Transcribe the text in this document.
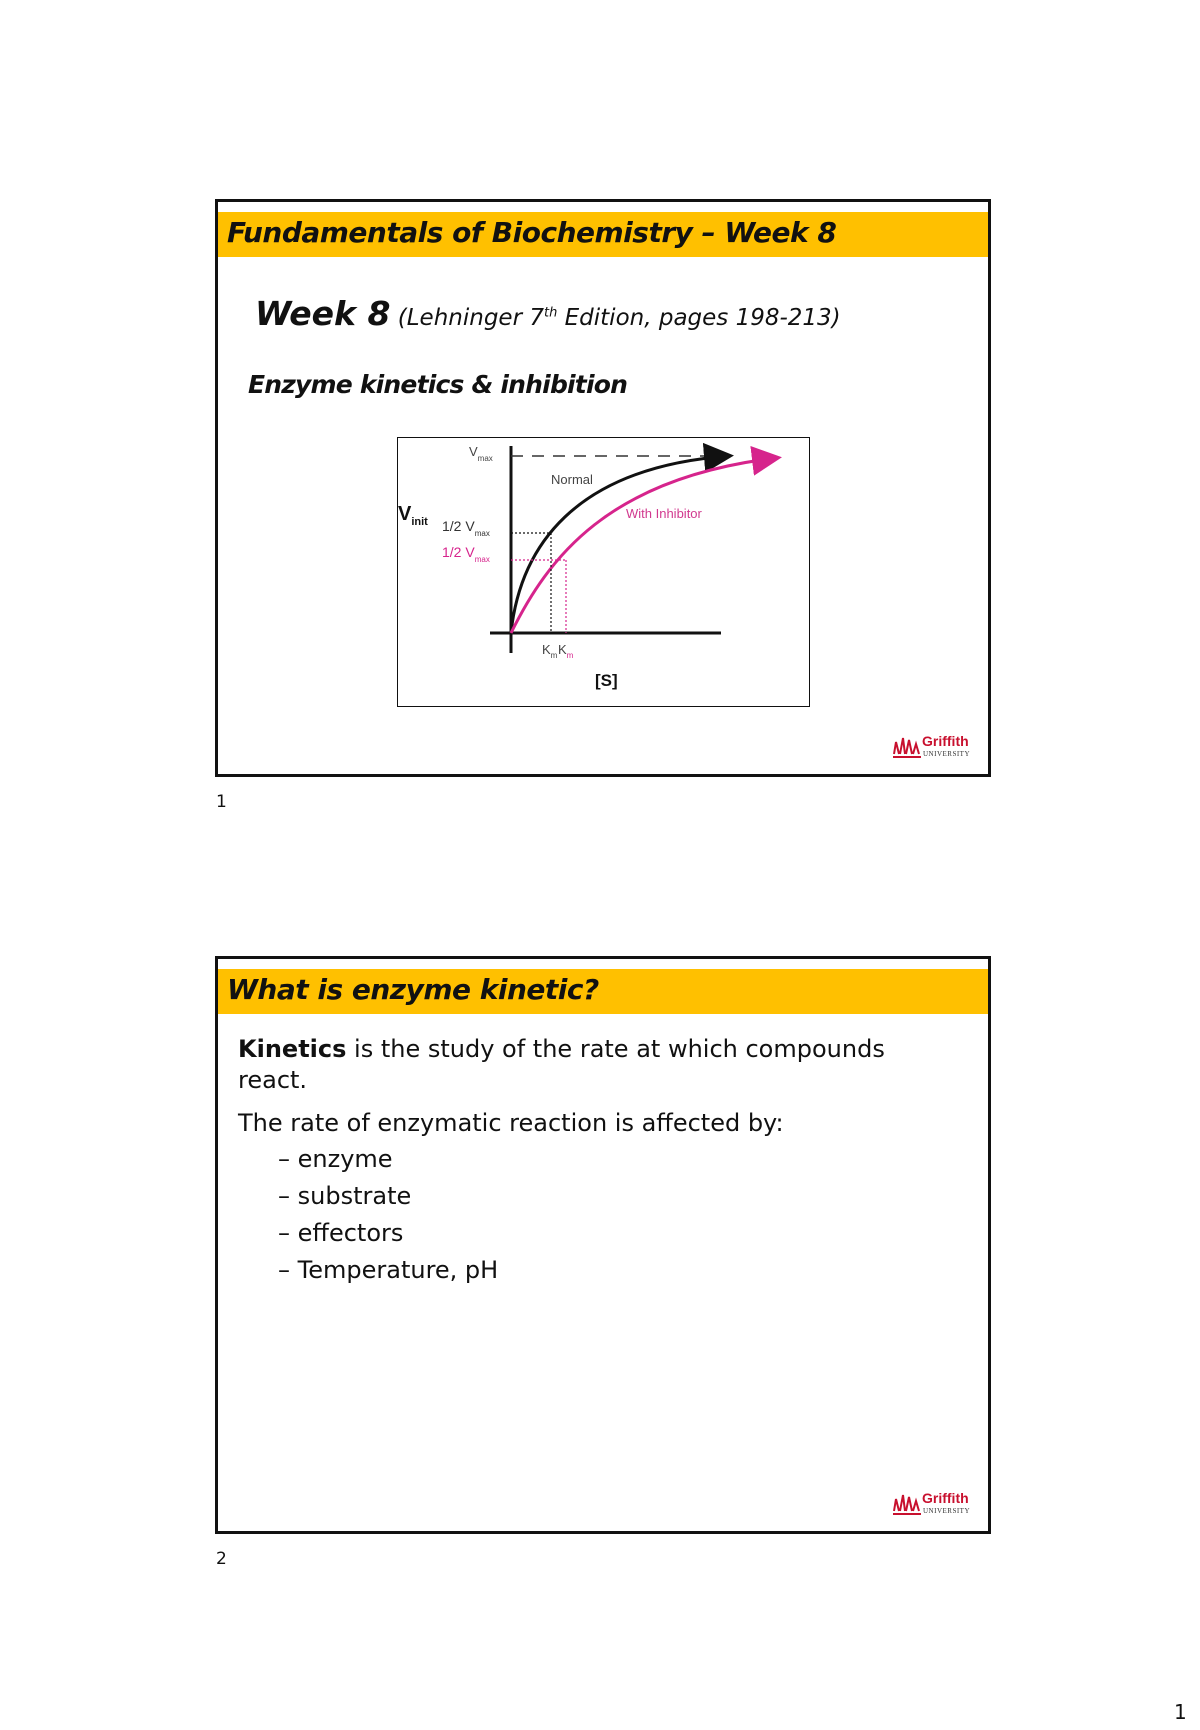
Fundamentals of Biochemistry – Week 8
Week 8 (Lehninger 7th Edition, pages 198-213)
Enzyme kinetics & inhibition
$V_{max}$
Normal
With Inhibitor
$V_{init}$ 1/2 $V_{max}$
1/2 $V_{max}$
$K_m$ $K_m$
[S]
Griffith
UNIVERSITY
1
What is enzyme kinetic?

Kinetics is the study of the rate at which compounds react.

The rate of enzymatic reaction is affected by:

– enzyme
– substrate
– effectors
– Temperature, pH
Griffith
UNIVERSITY
2
1
